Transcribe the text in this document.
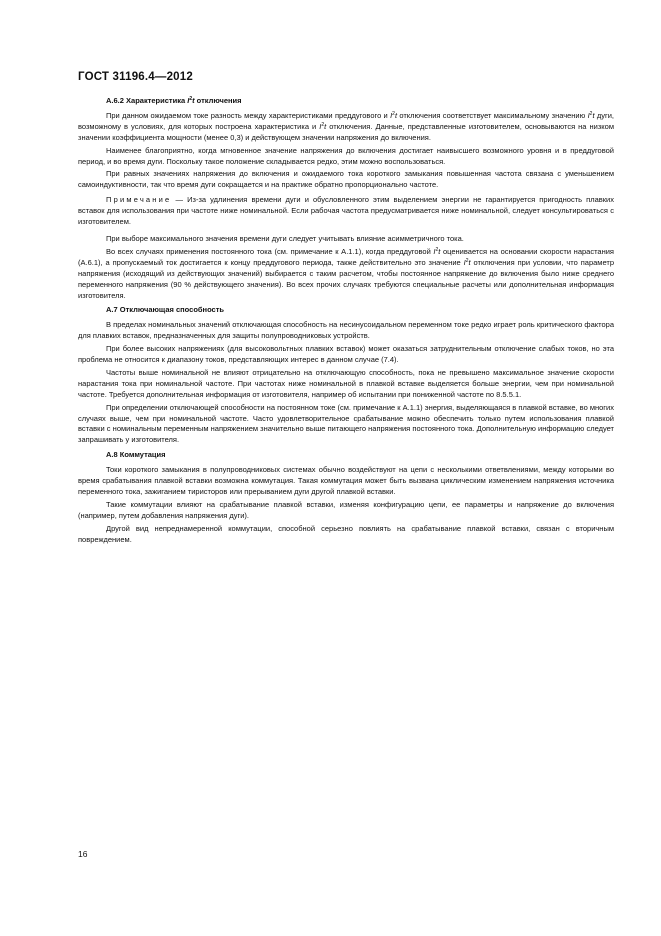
ГОСТ 31196.4—2012
А.6.2 Характеристика $I^2t$ отключения
При данном ожидаемом токе разность между характеристиками преддугового и $I^2t$ отключения соответствует максимальному значению $I^2t$ дуги, возможному в условиях, для которых построена характеристика и $I^2t$ отключения. Данные, представленные изготовителем, основываются на низком значении коэффициента мощности (менее 0,3) и действующем значении напряжения до включения.
Наименее благоприятно, когда мгновенное значение напряжения до включения достигает наивысшего возможного уровня и в преддуговой период, и во время дуги. Поскольку такое положение складывается редко, этим можно воспользоваться.
При равных значениях напряжения до включения и ожидаемого тока короткого замыкания повышенная частота связана с уменьшением самоиндуктивности, так что время дуги сокращается и на практике обратно пропорционально частоте.
Примечание — Из-за удлинения времени дуги и обусловленного этим выделением энергии не гарантируется пригодность плавких вставок для использования при частоте ниже номинальной. Если рабочая частота предусматривается ниже номинальной, следует консультироваться с изготовителем.
При выборе максимального значения времени дуги следует учитывать влияние асимметричного тока.
Во всех случаях применения постоянного тока (см. примечание к А.1.1), когда преддуговой $I^2t$ оценивается на основании скорости нарастания (А.6.1), а пропускаемый ток достигается к концу преддугового периода, также действительно это значение $I^2t$ отключения при условии, что параметр напряжения (исходящий из действующих значений) выбирается с таким расчетом, чтобы постоянное напряжение до включения было ниже среднего переменного напряжения (90 % действующего значения). Во всех прочих случаях требуются специальные расчеты или дополнительная информация изготовителя.
А.7 Отключающая способность
В пределах номинальных значений отключающая способность на несинусоидальном переменном токе редко играет роль критического фактора для плавких вставок, предназначенных для защиты полупроводниковых устройств.
При более высоких напряжениях (для высоковольтных плавких вставок) может оказаться затруднительным отключение слабых токов, но эта проблема не относится к диапазону токов, представляющих интерес в данном случае (7.4).
Частоты выше номинальной не влияют отрицательно на отключающую способность, пока не превышено максимальное значение скорости нарастания тока при номинальной частоте. При частотах ниже номинальной в плавкой вставке выделяется больше энергии, чем при номинальной частоте. Требуется дополнительная информация от изготовителя, например об испытании при пониженной частоте по 8.5.5.1.
При определении отключающей способности на постоянном токе (см. примечание к А.1.1) энергия, выделяющаяся в плавкой вставке, во многих случаях выше, чем при номинальной частоте. Часто удовлетворительное срабатывание можно обеспечить только путем использования плавкой вставки с номинальным переменным напряжением значительно выше питающего напряжения постоянного тока. Дополнительную информацию следует запрашивать у изготовителя.
А.8 Коммутация
Токи короткого замыкания в полупроводниковых системах обычно воздействуют на цепи с несколькими ответвлениями, между которыми во время срабатывания плавкой вставки возможна коммутация. Такая коммутация может быть вызвана циклическим изменением напряжения источника переменного тока, зажиганием тиристоров или прерыванием дуги другой плавкой вставки.
Такие коммутации влияют на срабатывание плавкой вставки, изменяя конфигурацию цепи, ее параметры и напряжение до включения (например, путем добавления напряжения дуги).
Другой вид непреднамеренной коммутации, способной серьезно повлиять на срабатывание плавкой вставки, связан с вторичным повреждением.
16
